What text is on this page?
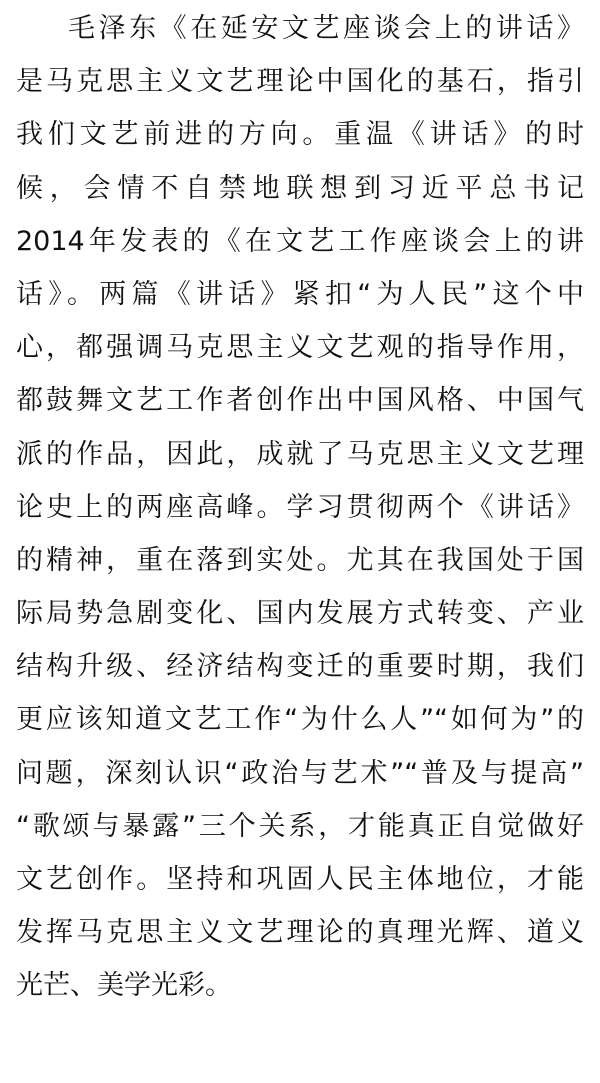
毛泽东《在延安文艺座谈会上的讲话》
是马克思主义文艺理论中国化的基石，指引
我们文艺前进的方向。重温《讲话》的时
候，会情不自禁地联想到习近平总书记
2014年发表的《在文艺工作座谈会上的讲
话》。两篇《讲话》紧扣“为人民”这个中
心，都强调马克思主义文艺观的指导作用，
都鼓舞文艺工作者创作出中国风格、中国气
派的作品，因此，成就了马克思主义文艺理
论史上的两座高峰。学习贯彻两个《讲话》
的精神，重在落到实处。尤其在我国处于国
际局势急剧变化、国内发展方式转变、产业
结构升级、经济结构变迁的重要时期，我们
更应该知道文艺工作“为什么人”“如何为”的
问题，深刻认识“政治与艺术”“普及与提高”
“歌颂与暴露”三个关系，才能真正自觉做好
文艺创作。坚持和巩固人民主体地位，才能
发挥马克思主义文艺理论的真理光辉、道义
光芒、美学光彩。
